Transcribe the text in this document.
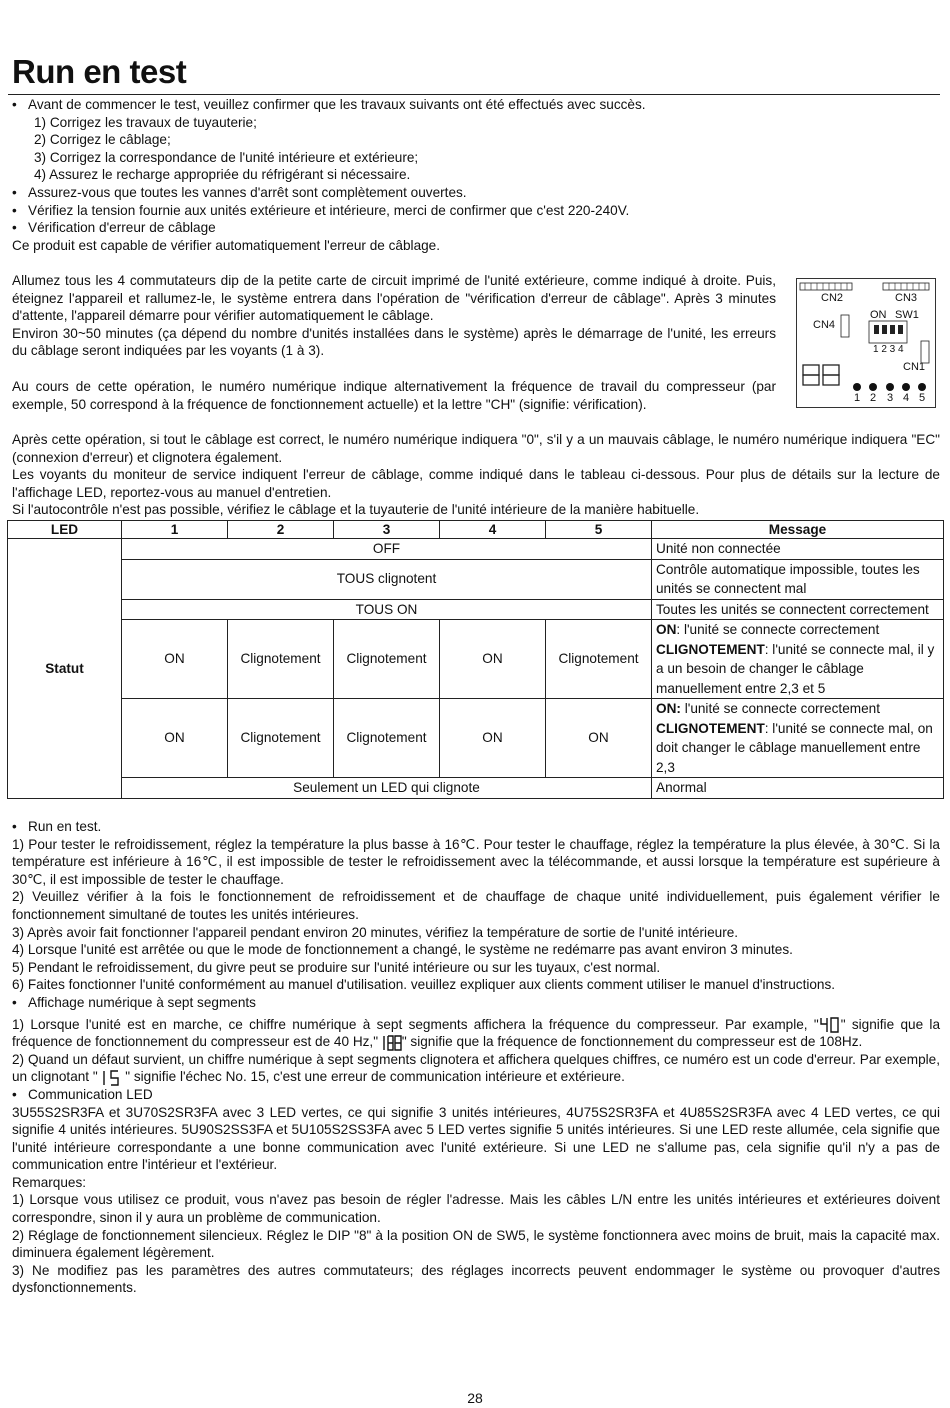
Run en test

• Avant de commencer le test, veuillez confirmer que les travaux suivants ont été effectués avec succès.

1) Corrigez les travaux de tuyauterie;

2) Corrigez le câblage;

3) Corrigez la correspondance de l'unité intérieure et extérieure;

4) Assurez le recharge appropriée du réfrigérant si nécessaire.

• Assurez-vous que toutes les vannes d'arrêt sont complètement ouvertes.

• Vérifiez la tension fournie aux unités extérieure et intérieure, merci de confirmer que c'est 220-240V.

• Vérification d'erreur de câblage

Ce produit est capable de vérifier automatiquement l'erreur de câblage.

Allumez tous les 4 commutateurs dip de la petite carte de circuit imprimé de l'unité extérieure, comme indiqué à droite. Puis, éteignez l'appareil et rallumez-le, le système entrera dans l'opération de "vérification d'erreur de câblage". Après 3 minutes d'attente, l'appareil démarre pour vérifier automatiquement le câblage.

Environ 30~50 minutes (ça dépend du nombre d'unités installées dans le système) après le démarrage de l'unité, les erreurs du câblage seront indiquées par les voyants (1 à 3).

Au cours de cette opération, le numéro numérique indique alternativement la fréquence de travail du compresseur (par exemple, 50 correspond à la fréquence de fonctionnement actuelle) et la lettre "CH" (signifie: vérification).

Après cette opération, si tout le câblage est correct, le numéro numérique indiquera "0", s'il y a un mauvais câblage, le numéro numérique indiquera "EC" (connexion d'erreur) et clignotera également.

Les voyants du moniteur de service indiquent l'erreur de câblage, comme indiqué dans le tableau ci-dessous. Pour plus de détails sur la lecture de l'affichage LED, reportez-vous au manuel d'entretien.

Si l'autocontrôle n'est pas possible, vérifiez le câblage et la tuyauterie de l'unité intérieure de la manière habituelle.

CN2	CN3
CN4
ON SW1
1 2 3 4
CN1
1 2 3 4 5
LED	1	2	3	4	5	Message
Statut	OFF					Unité non connectée
	TOUS clignotent					Contrôle automatique impossible, toutes les unités se connectent mal
	TOUS ON					Toutes les unités se connectent correctement
	ON	Clignotement	Clignotement	ON	Clignotement	ON: l'unité se connecte correctement
CLIGNOTEMENT: l'unité se connecte mal, il y a un besoin de changer le câblage manuellement entre 2,3 et 5
	ON	Clignotement	Clignotement	ON	ON	ON: l'unité se connecte correctement
CLIGNOTEMENT: l'unité se connecte mal, on doit changer le câblage manuellement entre 2,3
	Seulement un LED qui clignote					Anormal

• Run en test.

1) Pour tester le refroidissement, réglez la température la plus basse à 16℃. Pour tester le chauffage, réglez la température la plus élevée, à 30℃. Si la température est inférieure à 16℃, il est impossible de tester le refroidissement avec la télécommande, et aussi lorsque la température est supérieure à 30℃, il est impossible de tester le chauffage.

2) Veuillez vérifier à la fois le fonctionnement de refroidissement et de chauffage de chaque unité individuellement, puis également vérifier le fonctionnement simultané de toutes les unités intérieures.

3) Après avoir fait fonctionner l'appareil pendant environ 20 minutes, vérifiez la température de sortie de l'unité intérieure.

4) Lorsque l'unité est arrêtée ou que le mode de fonctionnement a changé, le système ne redémarre pas avant environ 3 minutes.

5) Pendant le refroidissement, du givre peut se produire sur l'unité intérieure ou sur les tuyaux, c'est normal.

6) Faites fonctionner l'unité conformément au manuel d'utilisation. veuillez expliquer aux clients comment utiliser le manuel d'instructions.

• Affichage numérique à sept segments

1) Lorsque l'unité est en marche, ce chiffre numérique à sept segments affichera la fréquence du compresseur. Par example, " " signifie que la fréquence de fonctionnement du compresseur est de 40 Hz," " signifie que la fréquence de fonctionnement du compresseur est de 108Hz.

2) Quand un défaut survient, un chiffre numérique à sept segments clignotera et affichera quelques chiffres, ce numéro est un code d'erreur. Par exemple, un clignotant "  " signifie l'échec No. 15, c'est une erreur de communication intérieure et extérieure.

• Communication LED

3U55S2SR3FA et 3U70S2SR3FA avec 3 LED vertes, ce qui signifie 3 unités intérieures, 4U75S2SR3FA et 4U85S2SR3FA avec 4 LED vertes, ce qui signifie 4 unités intérieures. 5U90S2SS3FA et 5U105S2SS3FA avec 5 LED vertes signifie 5 unités intérieures. Si une LED reste allumée, cela signifie que l'unité intérieure correspondante a une bonne communication avec l'unité extérieure. Si une LED ne s'allume pas, cela signifie qu'il n'y a pas de communication entre l'intérieur et l'extérieur.

Remarques:

1) Lorsque vous utilisez ce produit, vous n'avez pas besoin de régler l'adresse. Mais les câbles L/N entre les unités intérieures et extérieures doivent correspondre, sinon il y aura un problème de communication.

2) Réglage de fonctionnement silencieux. Réglez le DIP "8" à la position ON de SW5, le système fonctionnera avec moins de bruit, mais la capacité max. diminuera également légèrement.

3) Ne modifiez pas les paramètres des autres commutateurs; des réglages incorrects peuvent endommager le système ou provoquer d'autres dysfonctionnements.

28
